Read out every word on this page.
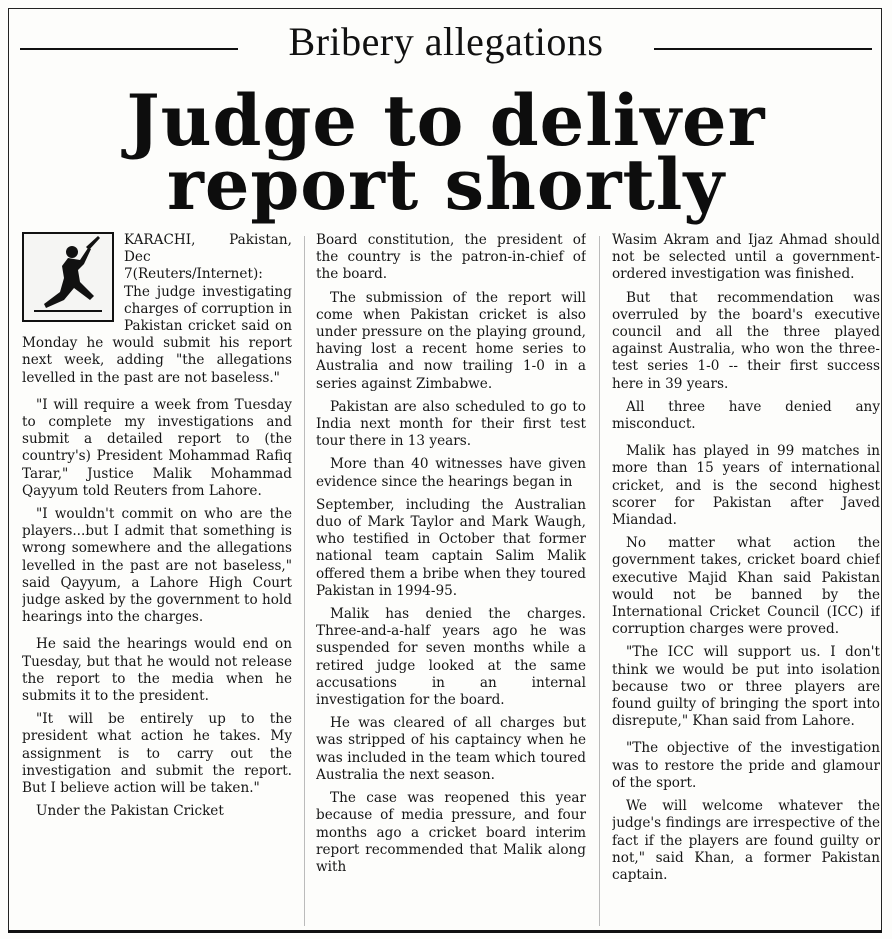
Bribery allegations
Judge to deliver
report shortly

KARACHI, Pakistan, Dec 7(Reuters/Internet): The judge investigating charges of corruption in Pakistan cricket said on Monday he would submit his report next week, adding "the allegations levelled in the past are not baseless."

"I will require a week from Tuesday to complete my investigations and submit a detailed report to (the country's) President Mohammad Rafiq Tarar," Justice Malik Mohammad Qayyum told Reuters from Lahore.

"I wouldn't commit on who are the players...but I admit that something is wrong somewhere and the allegations levelled in the past are not baseless," said Qayyum, a Lahore High Court judge asked by the government to hold hearings into the charges.

He said the hearings would end on Tuesday, but that he would not release the report to the media when he submits it to the president.

"It will be entirely up to the president what action he takes. My assignment is to carry out the investigation and submit the report. But I believe action will be taken."

Under the Pakistan Cricket

Board constitution, the president of the country is the patron-in-chief of the board.

The submission of the report will come when Pakistan cricket is also under pressure on the playing ground, having lost a recent home series to Australia and now trailing 1-0 in a series against Zimbabwe.

Pakistan are also scheduled to go to India next month for their first test tour there in 13 years.

More than 40 witnesses have given evidence since the hearings began in

September, including the Australian duo of Mark Taylor and Mark Waugh, who testified in October that former national team captain Salim Malik offered them a bribe when they toured Pakistan in 1994-95.

Malik has denied the charges. Three-and-a-half years ago he was suspended for seven months while a retired judge looked at the same accusations in an internal investigation for the board.

He was cleared of all charges but was stripped of his captaincy when he was included in the team which toured Australia the next season.

The case was reopened this year because of media pressure, and four months ago a cricket board interim report recommended that Malik along with

Wasim Akram and Ijaz Ahmad should not be selected until a government-ordered investigation was finished.

But that recommendation was overruled by the board's executive council and all the three played against Australia, who won the three-test series 1-0 -- their first success here in 39 years.

All three have denied any misconduct.

Malik has played in 99 matches in more than 15 years of international cricket, and is the second highest scorer for Pakistan after Javed Miandad.

No matter what action the government takes, cricket board chief executive Majid Khan said Pakistan would not be banned by the International Cricket Council (ICC) if corruption charges were proved.

"The ICC will support us. I don't think we would be put into isolation because two or three players are found guilty of bringing the sport into disrepute," Khan said from Lahore.

"The objective of the investigation was to restore the pride and glamour of the sport.

We will welcome whatever the judge's findings are irrespective of the fact if the players are found guilty or not," said Khan, a former Pakistan captain.
